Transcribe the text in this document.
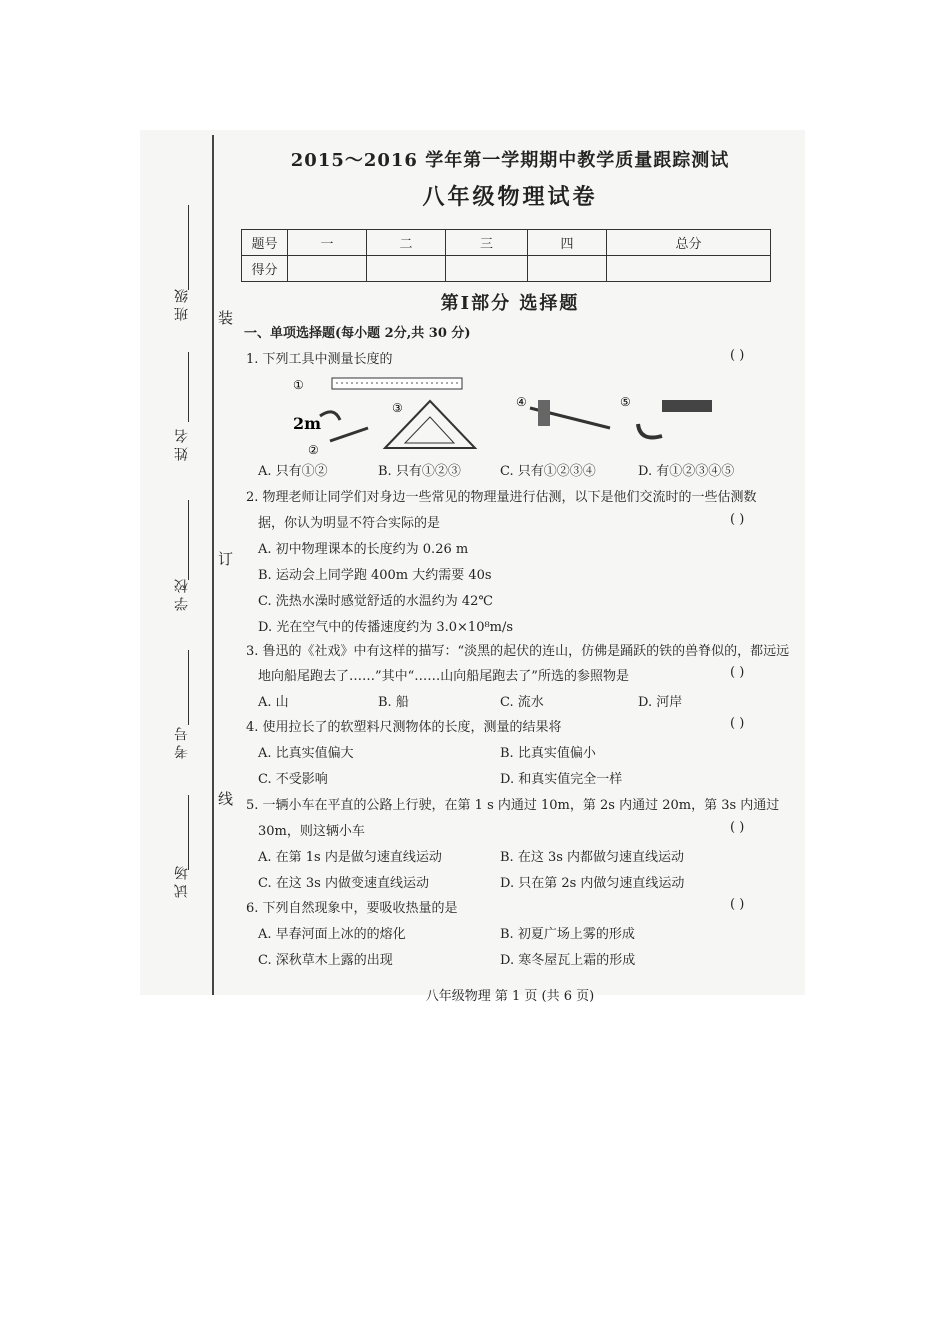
班级
姓名
学校
考号
试场
装
订
线
2015～2016 学年第一学期期中教学质量跟踪测试
八年级物理试卷
题号	一	二	三	四	总分
得分					
第Ⅰ部分 选择题
一、单项选择题(每小题 2分,共 30 分)
1. 下列工具中测量长度的	( )
①
2m
②
③	④	⑤
A. 只有①②	B. 只有①②③	C. 只有①②③④	D. 有①②③④⑤
2. 物理老师让同学们对身边一些常见的物理量进行估测，以下是他们交流时的一些估测数
据，你认为明显不符合实际的是	( )
A. 初中物理课本的长度约为 0.26 m
B. 运动会上同学跑 400m 大约需要 40s
C. 洗热水澡时感觉舒适的水温约为 42℃
D. 光在空气中的传播速度约为 3.0×10⁸m/s
3. 鲁迅的《社戏》中有这样的描写：“淡黑的起伏的连山，仿佛是踊跃的铁的兽脊似的，都远远
地向船尾跑去了……”其中“……山向船尾跑去了”所选的参照物是	( )
A. 山	B. 船	C. 流水	D. 河岸
4. 使用拉长了的软塑料尺测物体的长度，测量的结果将	( )
A. 比真实值偏大	B. 比真实值偏小
C. 不受影响	D. 和真实值完全一样
5. 一辆小车在平直的公路上行驶，在第 1 s 内通过 10m，第 2s 内通过 20m，第 3s 内通过
30m，则这辆小车	( )
A. 在第 1s 内是做匀速直线运动	B. 在这 3s 内都做匀速直线运动
C. 在这 3s 内做变速直线运动	D. 只在第 2s 内做匀速直线运动
6. 下列自然现象中，要吸收热量的是	( )
A. 早春河面上冰的的熔化	B. 初夏广场上雾的形成
C. 深秋草木上露的出现	D. 寒冬屋瓦上霜的形成
八年级物理 第 1 页 (共 6 页)
